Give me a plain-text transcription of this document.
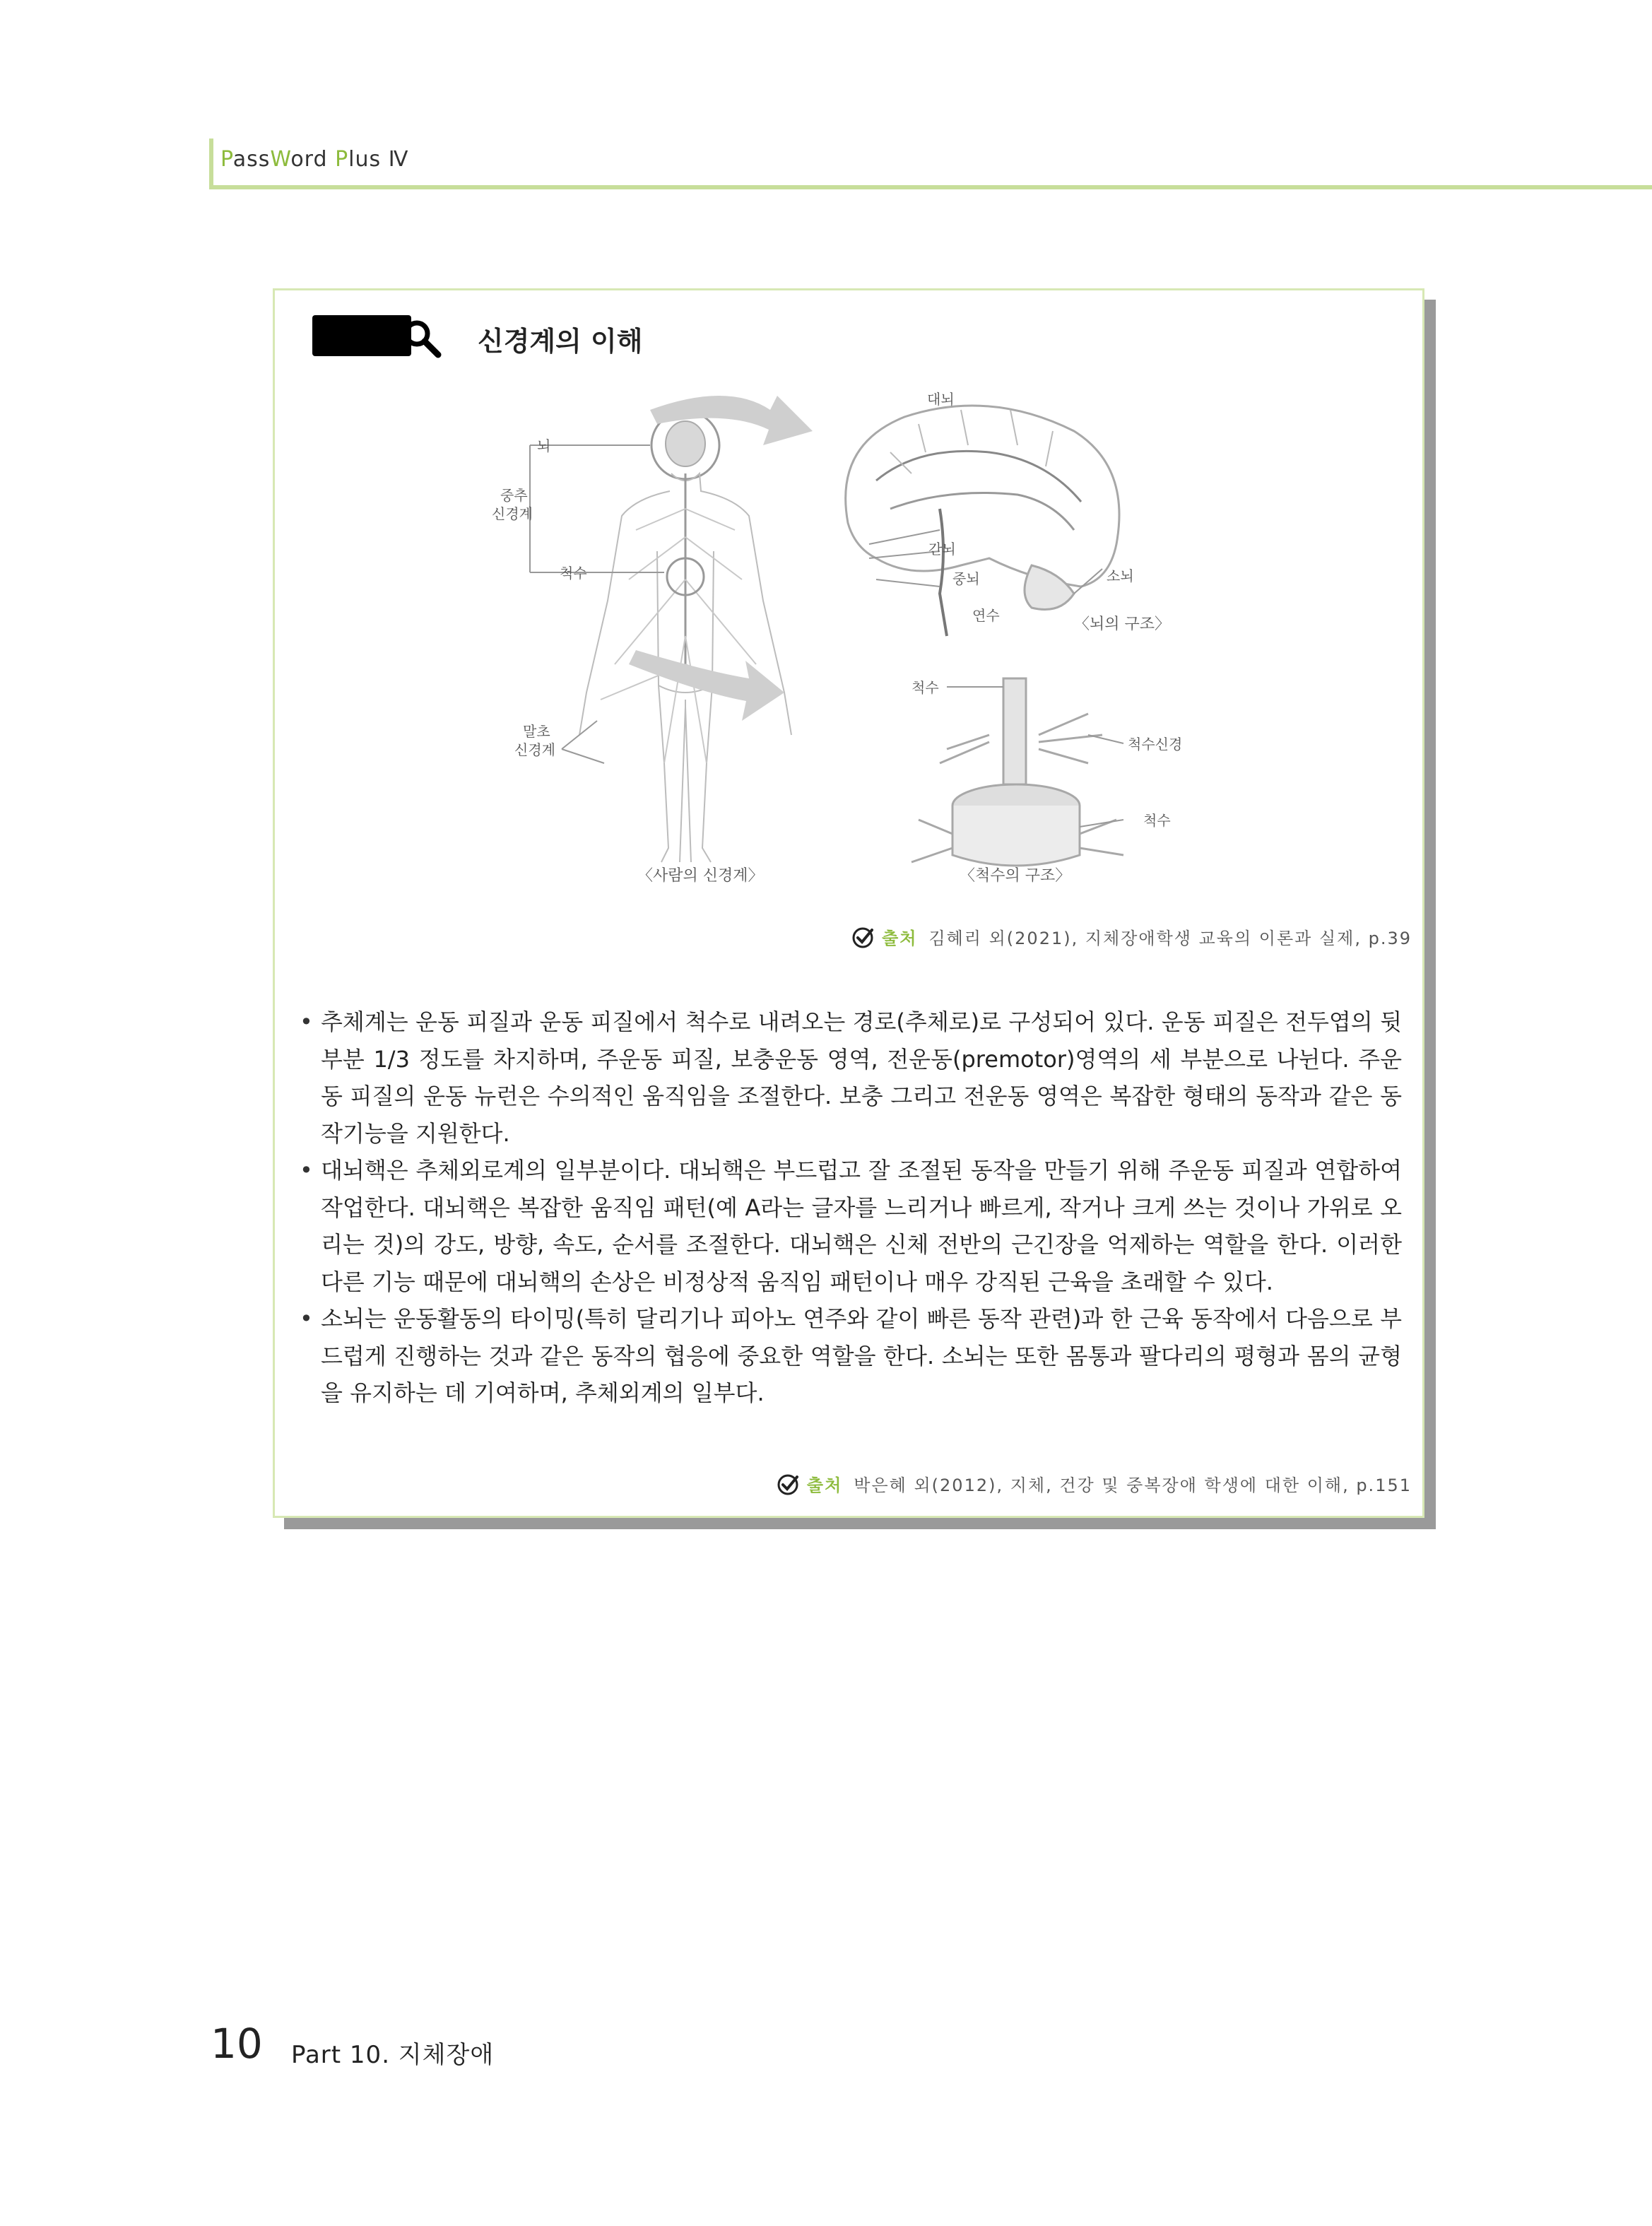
PassWord Plus Ⅳ
신경계의 이해
뇌
중추 신경계
척수
말초 신경계
〈사람의 신경계〉
대뇌
간뇌
중뇌
연수
소뇌
〈뇌의 구조〉
척수
척수신경
척수
〈척수의 구조〉
출처 김혜리 외(2021), 지체장애학생 교육의 이론과 실제, p.39
• 추체계는 운동 피질과 운동 피질에서 척수로 내려오는 경로(추체로)로 구성되어 있다. 운동 피질은 전두엽의 뒷부분 1/3 정도를 차지하며, 주운동 피질, 보충운동 영역, 전운동(premotor)영역의 세 부분으로 나뉜다. 주운동 피질의 운동 뉴런은 수의적인 움직임을 조절한다. 보충 그리고 전운동 영역은 복잡한 형태의 동작과 같은 동작기능을 지원한다.
• 대뇌핵은 추체외로계의 일부분이다. 대뇌핵은 부드럽고 잘 조절된 동작을 만들기 위해 주운동 피질과 연합하여 작업한다. 대뇌핵은 복잡한 움직임 패턴(예 A라는 글자를 느리거나 빠르게, 작거나 크게 쓰는 것이나 가위로 오리는 것)의 강도, 방향, 속도, 순서를 조절한다. 대뇌핵은 신체 전반의 근긴장을 억제하는 역할을 한다. 이러한 다른 기능 때문에 대뇌핵의 손상은 비정상적 움직임 패턴이나 매우 강직된 근육을 초래할 수 있다.
• 소뇌는 운동활동의 타이밍(특히 달리기나 피아노 연주와 같이 빠른 동작 관련)과 한 근육 동작에서 다음으로 부드럽게 진행하는 것과 같은 동작의 협응에 중요한 역할을 한다. 소뇌는 또한 몸통과 팔다리의 평형과 몸의 균형을 유지하는 데 기여하며, 추체외계의 일부다.
출처 박은혜 외(2012), 지체, 건강 및 중복장애 학생에 대한 이해, p.151
10 Part 10. 지체장애
